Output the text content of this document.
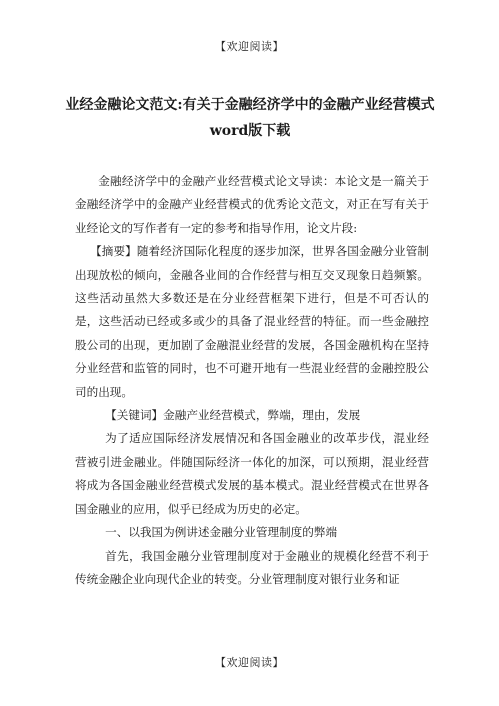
【欢迎阅读】
业经金融论文范文:有关于金融经济学中的金融产业经营模式word版下载

金融经济学中的金融产业经营模式论文导读：本论文是一篇关于金融经济学中的金融产业经营模式的优秀论文范文，对正在写有关于业经论文的写作者有一定的参考和指导作用，论文片段:

【摘要】随着经济国际化程度的逐步加深，世界各国金融分业管制出现放松的倾向，金融各业间的合作经营与相互交叉现象日趋频繁。这些活动虽然大多数还是在分业经营框架下进行，但是不可否认的是，这些活动已经或多或少的具备了混业经营的特征。而一些金融控股公司的出现，更加剧了金融混业经营的发展，各国金融机构在坚持分业经营和监管的同时，也不可避开地有一些混业经营的金融控股公司的出现。

【关键词】金融产业经营模式，弊端，理由，发展

为了适应国际经济发展情况和各国金融业的改革步伐，混业经营被引进金融业。伴随国际经济一体化的加深，可以预期，混业经营将成为各国金融业经营模式发展的基本模式。混业经营模式在世界各国金融业的应用，似乎已经成为历史的必定。

一、以我国为例讲述金融分业管理制度的弊端

首先，我国金融分业管理制度对于金融业的规模化经营不利于传统金融企业向现代企业的转变。分业管理制度对银行业务和证

【欢迎阅读】
